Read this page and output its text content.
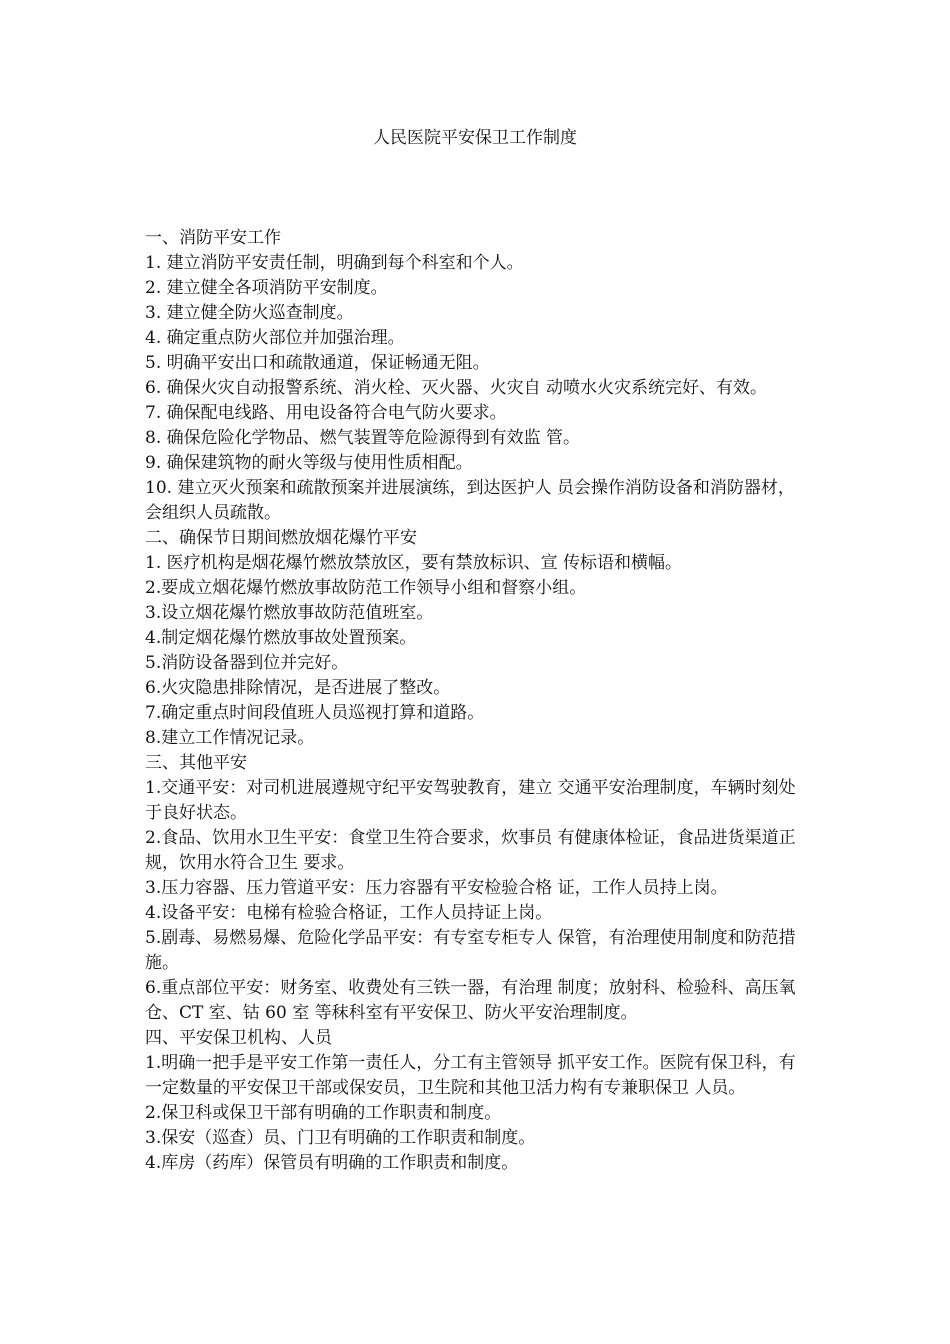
人民医院平安保卫工作制度

一、消防平安工作

1. 建立消防平安责任制，明确到每个科室和个人。

2. 建立健全各项消防平安制度。

3. 建立健全防火巡查制度。

4. 确定重点防火部位并加强治理。

5. 明确平安出口和疏散通道，保证畅通无阻。

6. 确保火灾自动报警系统、消火栓、灭火器、火灾自 动喷水火灾系统完好、有效。

7. 确保配电线路、用电设备符合电气防火要求。

8. 确保危险化学物品、燃气装置等危险源得到有效监 管。

9. 确保建筑物的耐火等级与使用性质相配。

10. 建立灭火预案和疏散预案并进展演练，到达医护人 员会操作消防设备和消防器材，会组织人员疏散。

二、确保节日期间燃放烟花爆竹平安

1. 医疗机构是烟花爆竹燃放禁放区，要有禁放标识、宣 传标语和横幅。

2.要成立烟花爆竹燃放事故防范工作领导小组和督察小组。

3.设立烟花爆竹燃放事故防范值班室。

4.制定烟花爆竹燃放事故处置预案。

5.消防设备器到位并完好。

6.火灾隐患排除情况，是否进展了整改。

7.确定重点时间段值班人员巡视打算和道路。

8.建立工作情况记录。

三、其他平安

1.交通平安：对司机进展遵规守纪平安驾驶教育，建立 交通平安治理制度，车辆时刻处于良好状态。

2.食品、饮用水卫生平安：食堂卫生符合要求，炊事员 有健康体检证，食品进货渠道正规，饮用水符合卫生 要求。

3.压力容器、压力管道平安：压力容器有平安检验合格 证，工作人员持上岗。

4.设备平安：电梯有检验合格证，工作人员持证上岗。

5.剧毒、易燃易爆、危险化学品平安：有专室专柜专人 保管，有治理使用制度和防范措施。

6.重点部位平安：财务室、收费处有三铁一器，有治理 制度；放射科、检验科、高压氧仓、CT 室、钴 60 室 等秣科室有平安保卫、防火平安治理制度。

四、平安保卫机构、人员

1.明确一把手是平安工作第一责任人，分工有主管领导 抓平安工作。医院有保卫科，有一定数量的平安保卫干部或保安员，卫生院和其他卫活力构有专兼职保卫 人员。

2.保卫科或保卫干部有明确的工作职责和制度。

3.保安（巡查）员、门卫有明确的工作职责和制度。

4.库房（药库）保管员有明确的工作职责和制度。
